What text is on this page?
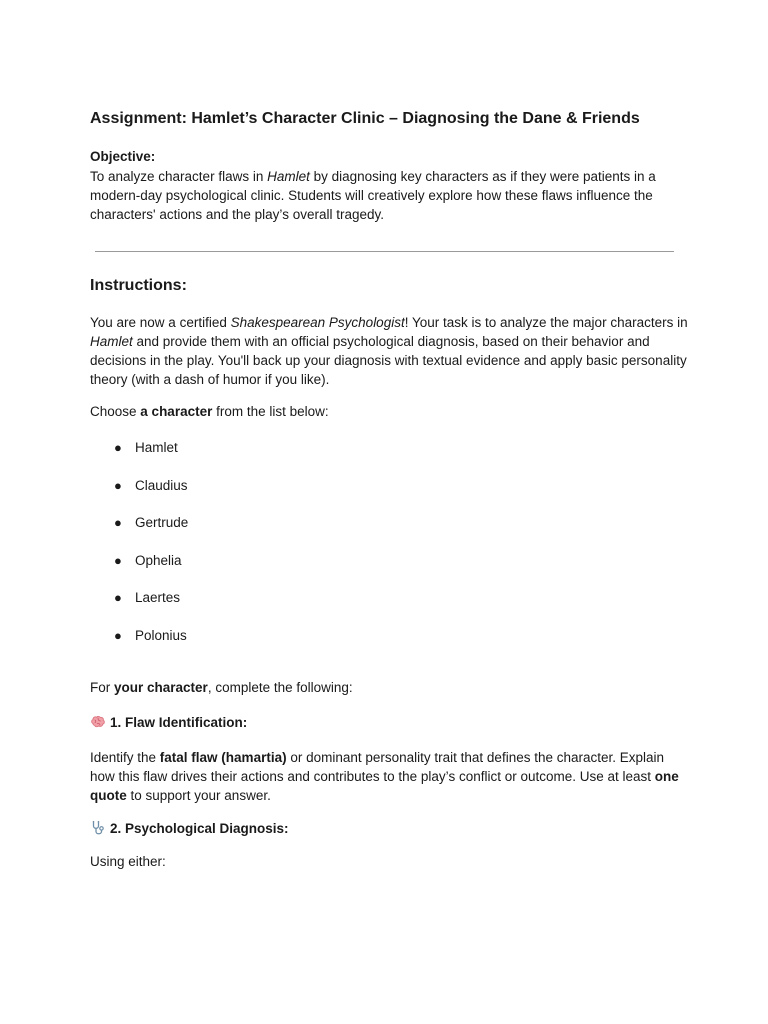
Assignment: Hamlet’s Character Clinic – Diagnosing the Dane & Friends
Objective:

To analyze character flaws in Hamlet by diagnosing key characters as if they were patients in a modern-day psychological clinic. Students will creatively explore how these flaws influence the characters' actions and the play’s overall tragedy.

Instructions:

You are now a certified Shakespearean Psychologist! Your task is to analyze the major characters in Hamlet and provide them with an official psychological diagnosis, based on their behavior and decisions in the play. You'll back up your diagnosis with textual evidence and apply basic personality theory (with a dash of humor if you like).

Choose a character from the list below:

● Hamlet
● Claudius
● Gertrude
● Ophelia
● Laertes
● Polonius

For your character, complete the following:

1. Flaw Identification:

Identify the fatal flaw (hamartia) or dominant personality trait that defines the character. Explain how this flaw drives their actions and contributes to the play’s conflict or outcome. Use at least one quote to support your answer.

2. Psychological Diagnosis:

Using either:
